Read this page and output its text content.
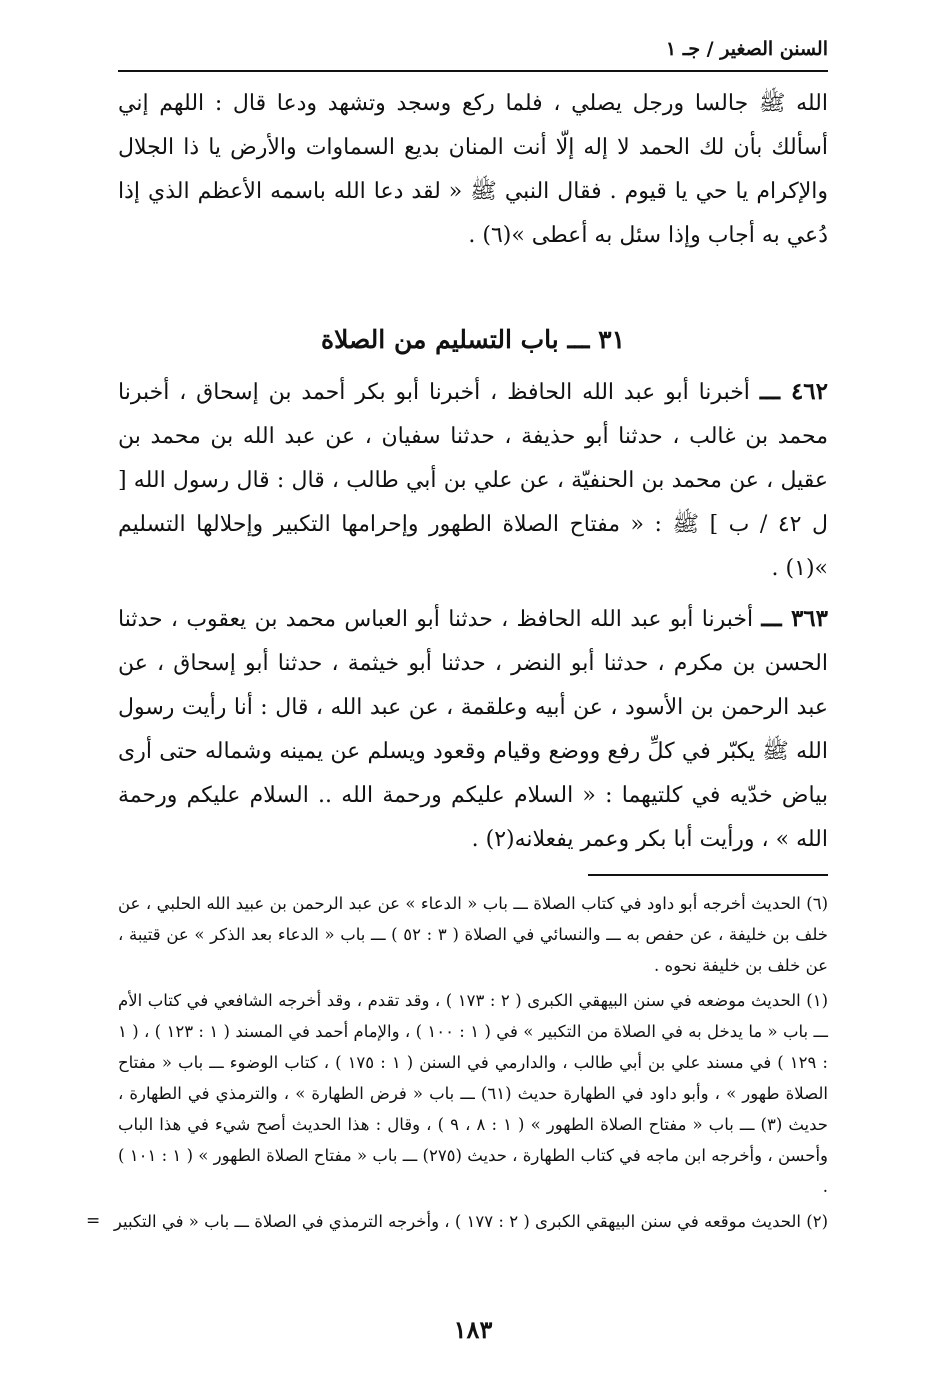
السنن الصغير / جـ ١

الله ﷺ جالسا ورجل يصلي ، فلما ركع وسجد وتشهد ودعا قال : اللهم إني أسألك بأن لك الحمد لا إله إلّا أنت المنان بديع السماوات والأرض يا ذا الجلال والإكرام يا حي يا قيوم . فقال النبي ﷺ « لقد دعا الله باسمه الأعظم الذي إذا دُعي به أجاب وإذا سئل به أعطى »(٦) .

٣١ ـــ باب التسليم من الصلاة

٤٦٢ ـــ أخبرنا أبو عبد الله الحافظ ، أخبرنا أبو بكر أحمد بن إسحاق ، أخبرنا محمد بن غالب ، حدثنا أبو حذيفة ، حدثنا سفيان ، عن عبد الله بن محمد بن عقيل ، عن محمد بن الحنفيّة ، عن علي بن أبي طالب ، قال : قال رسول الله [ ل ٤٢ / ب ] ﷺ : « مفتاح الصلاة الطهور وإحرامها التكبير وإحلالها التسليم »(١) .

٣٦٣ ـــ أخبرنا أبو عبد الله الحافظ ، حدثنا أبو العباس محمد بن يعقوب ، حدثنا الحسن بن مكرم ، حدثنا أبو النضر ، حدثنا أبو خيثمة ، حدثنا أبو إسحاق ، عن عبد الرحمن بن الأسود ، عن أبيه وعلقمة ، عن عبد الله ، قال : أنا رأيت رسول الله ﷺ يكبّر في كلِّ رفع ووضع وقيام وقعود ويسلم عن يمينه وشماله حتى أرى بياض خدّيه في كلتيهما : « السلام عليكم ورحمة الله .. السلام عليكم ورحمة الله » ، ورأيت أبا بكر وعمر يفعلانه(٢) .

(٦) الحديث أخرجه أبو داود في كتاب الصلاة ـــ باب « الدعاء » عن عبد الرحمن بن عبيد الله الحلبي ، عن خلف بن خليفة ، عن حفص به ـــ والنسائي في الصلاة ( ٣ : ٥٢ ) ـــ باب « الدعاء بعد الذكر » عن قتيبة ، عن خلف بن خليفة نحوه .

(١) الحديث موضعه في سنن البيهقي الكبرى ( ٢ : ١٧٣ ) ، وقد تقدم ، وقد أخرجه الشافعي في كتاب الأم ـــ باب « ما يدخل به في الصلاة من التكبير » في ( ١ : ١٠٠ ) ، والإمام أحمد في المسند ( ١ : ١٢٣ ) ، ( ١ : ١٢٩ ) في مسند علي بن أبي طالب ، والدارمي في السنن ( ١ : ١٧٥ ) ، كتاب الوضوء ـــ باب « مفتاح الصلاة طهور » ، وأبو داود في الطهارة حديث (٦١) ـــ باب « فرض الطهارة » ، والترمذي في الطهارة ، حديث (٣) ـــ باب « مفتاح الصلاة الطهور » ( ١ : ٨ ، ٩ ) ، وقال : هذا الحديث أصح شيء في هذا الباب وأحسن ، وأخرجه ابن ماجه في كتاب الطهارة ، حديث (٢٧٥) ـــ باب « مفتاح الصلاة الطهور » ( ١ : ١٠١ ) .

(٢) الحديث موقعه في سنن البيهقي الكبرى ( ٢ : ١٧٧ ) ، وأخرجه الترمذي في الصلاة ـــ باب « في التكبير
=

١٨٣
